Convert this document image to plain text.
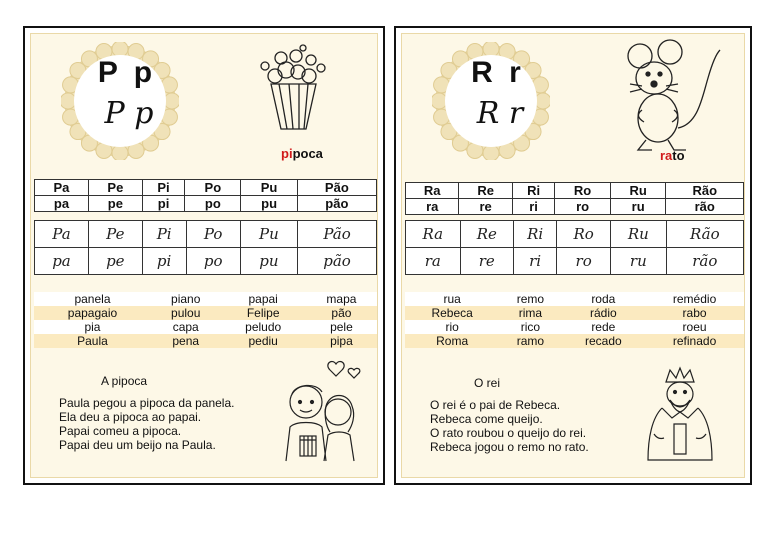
P p
P p
pipoca
Pa	Pe	Pi	Po	Pu	Pão
pa	pe	pi	po	pu	pão
Pa	Pe	Pi	Po	Pu	Pão
pa	pe	pi	po	pu	pão
panela	piano	papai	mapa
papagaio	pulou	Felipe	pão
pia	capa	peludo	pele
Paula	pena	pediu	pipa
A pipoca
Paula pegou a pipoca da panela.
Ela deu a pipoca ao papai.
Papai comeu a pipoca.
Papai deu um beijo na Paula.
R r
R r
rato
Ra	Re	Ri	Ro	Ru	Rão
ra	re	ri	ro	ru	rão
Ra	Re	Ri	Ro	Ru	Rão
ra	re	ri	ro	ru	rão
rua	remo	roda	remédio
Rebeca	rima	rádio	rabo
rio	rico	rede	roeu
Roma	ramo	recado	refinado
O rei
O rei é o pai de Rebeca.
Rebeca come queijo.
O rato roubou o queijo do rei.
Rebeca jogou o remo no rato.
